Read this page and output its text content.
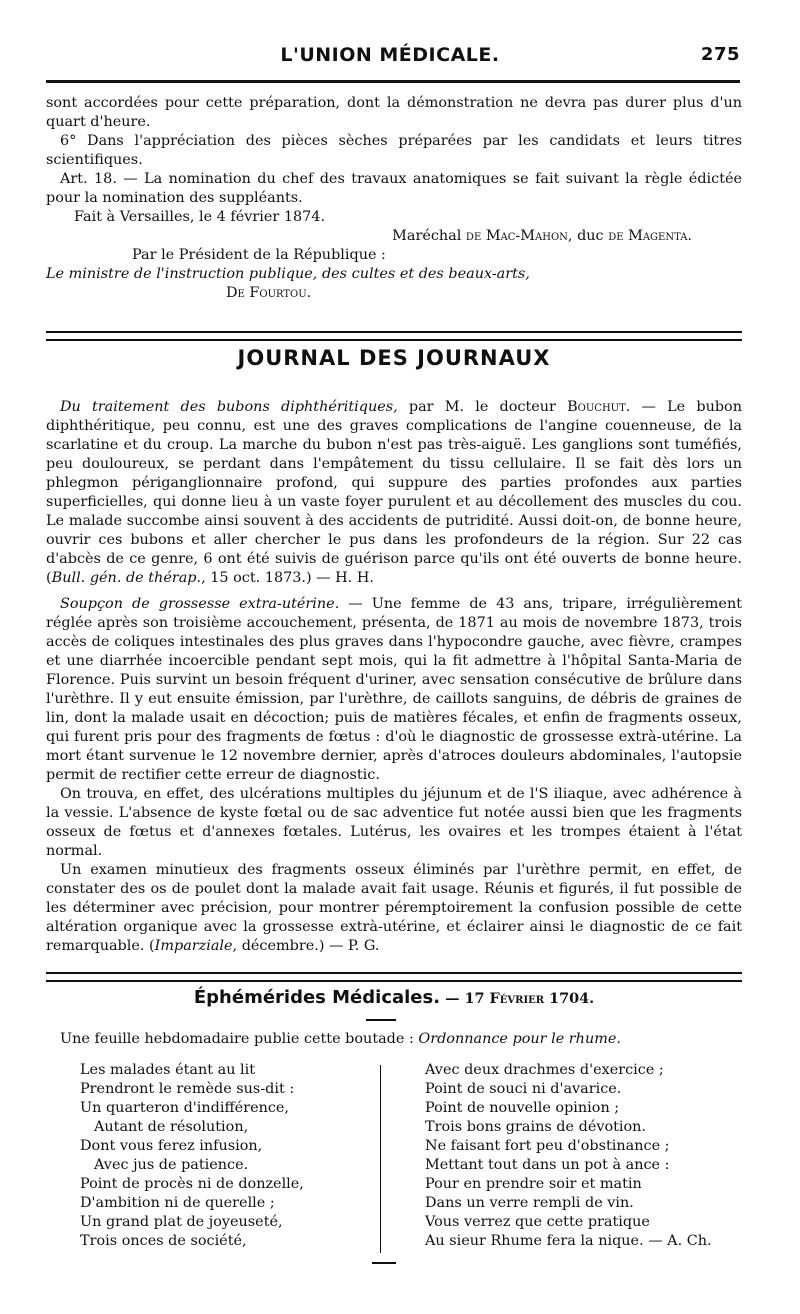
L'UNION MÉDICALE.	275

sont accordées pour cette préparation, dont la démonstration ne devra pas durer plus d'un quart d'heure.

6° Dans l'appréciation des pièces sèches préparées par les candidats et leurs titres scientifiques.

Art. 18. — La nomination du chef des travaux anatomiques se fait suivant la règle édictée pour la nomination des suppléants.

Fait à Versailles, le 4 février 1874.

Maréchal de Mac-Mahon, duc de Magenta.

Par le Président de la République :

Le ministre de l'instruction publique, des cultes et des beaux-arts,

De Fourtou.

JOURNAL DES JOURNAUX

Du traitement des bubons diphthéritiques, par M. le docteur Bouchut. — Le bubon diphthéritique, peu connu, est une des graves complications de l'angine couenneuse, de la scarlatine et du croup. La marche du bubon n'est pas très-aiguë. Les ganglions sont tuméfiés, peu douloureux, se perdant dans l'empâtement du tissu cellulaire. Il se fait dès lors un phlegmon périganglionnaire profond, qui suppure des parties profondes aux parties superficielles, qui donne lieu à un vaste foyer purulent et au décollement des muscles du cou. Le malade succombe ainsi souvent à des accidents de putridité. Aussi doit-on, de bonne heure, ouvrir ces bubons et aller chercher le pus dans les profondeurs de la région. Sur 22 cas d'abcès de ce genre, 6 ont été suivis de guérison parce qu'ils ont été ouverts de bonne heure. (Bull. gén. de thérap., 15 oct. 1873.) — H. H.

Soupçon de grossesse extra-utérine. — Une femme de 43 ans, tripare, irrégulièrement réglée après son troisième accouchement, présenta, de 1871 au mois de novembre 1873, trois accès de coliques intestinales des plus graves dans l'hypocondre gauche, avec fièvre, crampes et une diarrhée incoercible pendant sept mois, qui la fit admettre à l'hôpital Santa-Maria de Florence. Puis survint un besoin fréquent d'uriner, avec sensation consécutive de brûlure dans l'urèthre. Il y eut ensuite émission, par l'urèthre, de caillots sanguins, de débris de graines de lin, dont la malade usait en décoction; puis de matières fécales, et enfin de fragments osseux, qui furent pris pour des fragments de fœtus : d'où le diagnostic de grossesse extrà-utérine. La mort étant survenue le 12 novembre dernier, après d'atroces douleurs abdominales, l'autopsie permit de rectifier cette erreur de diagnostic.

On trouva, en effet, des ulcérations multiples du jéjunum et de l'S iliaque, avec adhérence à la vessie. L'absence de kyste fœtal ou de sac adventice fut notée aussi bien que les fragments osseux de fœtus et d'annexes fœtales. Lutérus, les ovaires et les trompes étaient à l'état normal.

Un examen minutieux des fragments osseux éliminés par l'urèthre permit, en effet, de constater des os de poulet dont la malade avait fait usage. Réunis et figurés, il fut possible de les déterminer avec précision, pour montrer péremptoirement la confusion possible de cette altération organique avec la grossesse extrà-utérine, et éclairer ainsi le diagnostic de ce fait remarquable. (Imparziale, décembre.) — P. G.

Éphémérides Médicales. — 17 Février 1704.

Une feuille hebdomadaire publie cette boutade : Ordonnance pour le rhume.

Les malades étant au lit
Prendront le remède sus-dit :
Un quarteron d'indifférence,
Autant de résolution,
Dont vous ferez infusion,
Avec jus de patience.
Point de procès ni de donzelle,
D'ambition ni de querelle ;
Un grand plat de joyeuseté,
Trois onces de société,
Avec deux drachmes d'exercice ;
Point de souci ni d'avarice.
Point de nouvelle opinion ;
Trois bons grains de dévotion.
Ne faisant fort peu d'obstinance ;
Mettant tout dans un pot à ance :
Pour en prendre soir et matin
Dans un verre rempli de vin.
Vous verrez que cette pratique
Au sieur Rhume fera la nique. — A. Ch.
